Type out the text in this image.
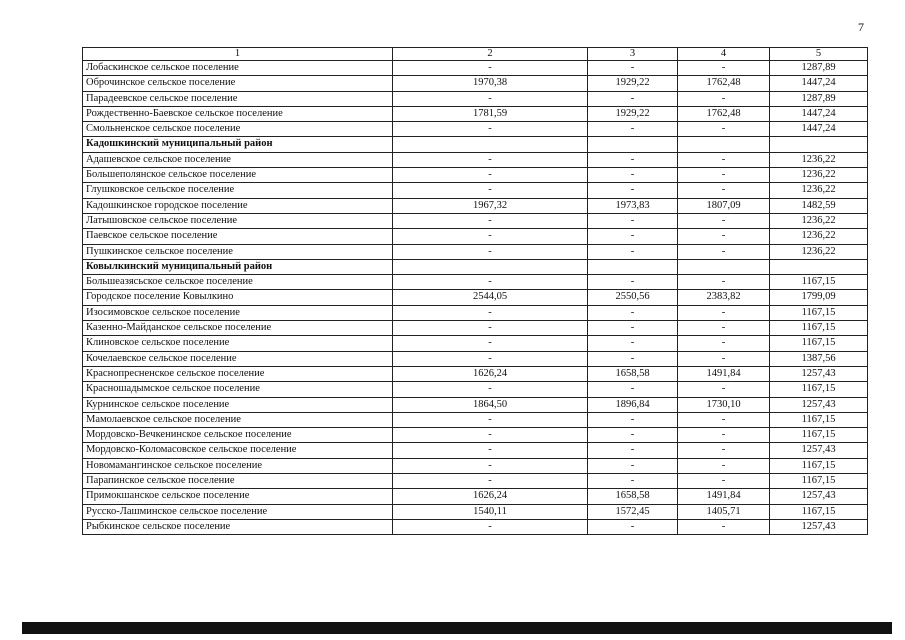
7
1	2	3	4	5
Лобаскинское сельское поселение	-	-	-	1287,89
Оброчинское сельское поселение	1970,38	1929,22	1762,48	1447,24
Парадеевское сельское поселение	-	-	-	1287,89
Рождественно-Баевское сельское поселение	1781,59	1929,22	1762,48	1447,24
Смольненское сельское поселение	-	-	-	1447,24
Кадошкинский муниципальный район				
Адашевское сельское поселение	-	-	-	1236,22
Большеполянское сельское поселение	-	-	-	1236,22
Глушковское сельское поселение	-	-	-	1236,22
Кадошкинское городское поселение	1967,32	1973,83	1807,09	1482,59
Латышовское сельское поселение	-	-	-	1236,22
Паевское сельское поселение	-	-	-	1236,22
Пушкинское сельское поселение	-	-	-	1236,22
Ковылкинский муниципальный район				
Большеазясьское сельское поселение	-	-	-	1167,15
Городское поселение Ковылкино	2544,05	2550,56	2383,82	1799,09
Изосимовское сельское поселение	-	-	-	1167,15
Казенно-Майданское сельское поселение	-	-	-	1167,15
Клиновское сельское поселение	-	-	-	1167,15
Кочелаевское сельское поселение	-	-	-	1387,56
Краснопресненское сельское поселение	1626,24	1658,58	1491,84	1257,43
Красношадымское сельское поселение	-	-	-	1167,15
Курнинское сельское поселение	1864,50	1896,84	1730,10	1257,43
Мамолаевское сельское поселение	-	-	-	1167,15
Мордовско-Вечкенинское сельское поселение	-	-	-	1167,15
Мордовско-Коломасовское сельское поселение	-	-	-	1257,43
Новомамангинское сельское поселение	-	-	-	1167,15
Парапинское сельское поселение	-	-	-	1167,15
Примокшанское сельское поселение	1626,24	1658,58	1491,84	1257,43
Русско-Лашминское сельское поселение	1540,11	1572,45	1405,71	1167,15
Рыбкинское сельское поселение	-	-	-	1257,43
